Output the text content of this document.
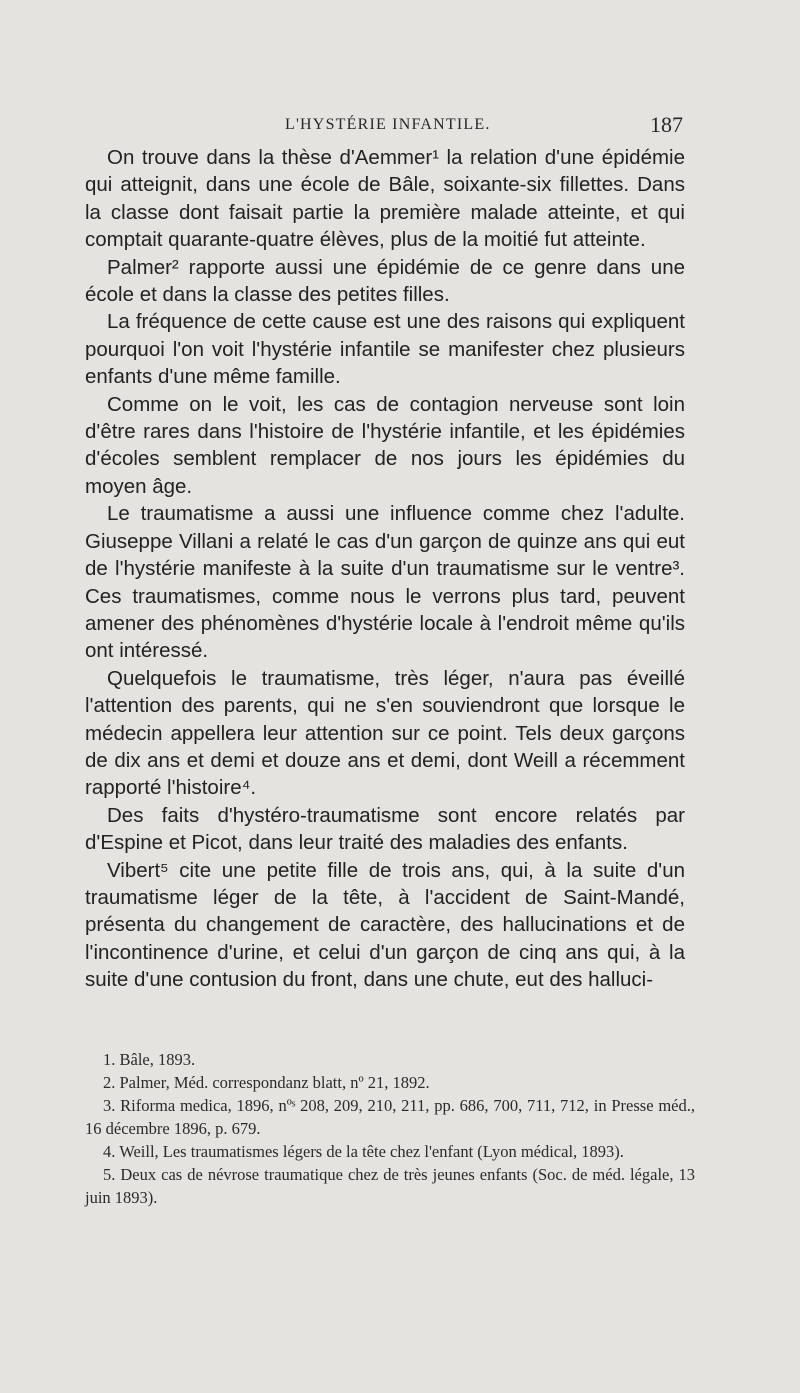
L'HYSTÉRIE INFANTILE.	187

On trouve dans la thèse d'Aemmer¹ la relation d'une épidémie qui atteignit, dans une école de Bâle, soixante-six fillettes. Dans la classe dont faisait partie la première malade atteinte, et qui comptait quarante-quatre élèves, plus de la moitié fut atteinte.

Palmer² rapporte aussi une épidémie de ce genre dans une école et dans la classe des petites filles.

La fréquence de cette cause est une des raisons qui expliquent pourquoi l'on voit l'hystérie infantile se manifester chez plusieurs enfants d'une même famille.

Comme on le voit, les cas de contagion nerveuse sont loin d'être rares dans l'histoire de l'hystérie infantile, et les épidémies d'écoles semblent remplacer de nos jours les épidémies du moyen âge.

Le traumatisme a aussi une influence comme chez l'adulte. Giuseppe Villani a relaté le cas d'un garçon de quinze ans qui eut de l'hystérie manifeste à la suite d'un traumatisme sur le ventre³. Ces traumatismes, comme nous le verrons plus tard, peuvent amener des phénomènes d'hystérie locale à l'endroit même qu'ils ont intéressé.

Quelquefois le traumatisme, très léger, n'aura pas éveillé l'attention des parents, qui ne s'en souviendront que lorsque le médecin appellera leur attention sur ce point. Tels deux garçons de dix ans et demi et douze ans et demi, dont Weill a récemment rapporté l'histoire⁴.

Des faits d'hystéro-traumatisme sont encore relatés par d'Espine et Picot, dans leur traité des maladies des enfants.

Vibert⁵ cite une petite fille de trois ans, qui, à la suite d'un traumatisme léger de la tête, à l'accident de Saint-Mandé, présenta du changement de caractère, des hallucinations et de l'incontinence d'urine, et celui d'un garçon de cinq ans qui, à la suite d'une contusion du front, dans une chute, eut des halluci-

1. Bâle, 1893.

2. Palmer, Méd. correspondanz blatt, nº 21, 1892.

3. Riforma medica, 1896, nºˢ 208, 209, 210, 211, pp. 686, 700, 711, 712, in Presse méd., 16 décembre 1896, p. 679.

4. Weill, Les traumatismes légers de la tête chez l'enfant (Lyon médical, 1893).

5. Deux cas de névrose traumatique chez de très jeunes enfants (Soc. de méd. légale, 13 juin 1893).
